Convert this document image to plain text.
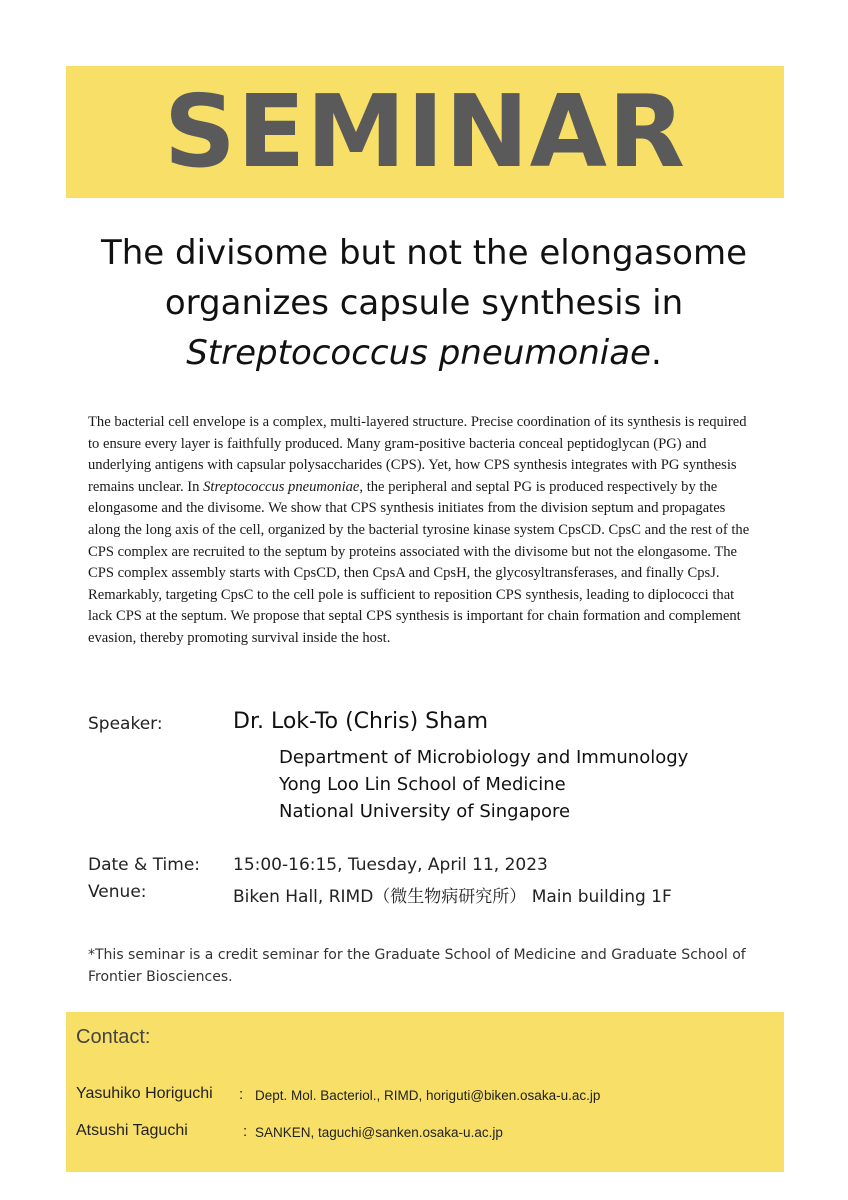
SEMINAR
The divisome but not the elongasome
organizes capsule synthesis in
Streptococcus pneumoniae.
The bacterial cell envelope is a complex, multi-layered structure. Precise coordination of its synthesis is required to ensure every layer is faithfully produced. Many gram-positive bacteria conceal peptidoglycan (PG) and underlying antigens with capsular polysaccharides (CPS). Yet, how CPS synthesis integrates with PG synthesis remains unclear. In Streptococcus pneumoniae, the peripheral and septal PG is produced respectively by the elongasome and the divisome. We show that CPS synthesis initiates from the division septum and propagates along the long axis of the cell, organized by the bacterial tyrosine kinase system CpsCD. CpsC and the rest of the CPS complex are recruited to the septum by proteins associated with the divisome but not the elongasome. The CPS complex assembly starts with CpsCD, then CpsA and CpsH, the glycosyltransferases, and finally CpsJ. Remarkably, targeting CpsC to the cell pole is sufficient to reposition CPS synthesis, leading to diplococci that lack CPS at the septum. We propose that septal CPS synthesis is important for chain formation and complement evasion, thereby promoting survival inside the host.
Speaker:	Dr. Lok-To (Chris) Sham
Department of Microbiology and Immunology
Yong Loo Lin School of Medicine
National University of Singapore
Date & Time: 15:00-16:15, Tuesday, April 11, 2023
Venue:	Biken Hall, RIMD（微生物病研究所） Main building 1F
*This seminar is a credit seminar for the Graduate School of Medicine and Graduate School of Frontier Biosciences.
Contact:
Yasuhiko Horiguchi : Dept. Mol. Bacteriol., RIMD, horiguti@biken.osaka-u.ac.jp
Atsushi Taguchi	: SANKEN, taguchi@sanken.osaka-u.ac.jp
